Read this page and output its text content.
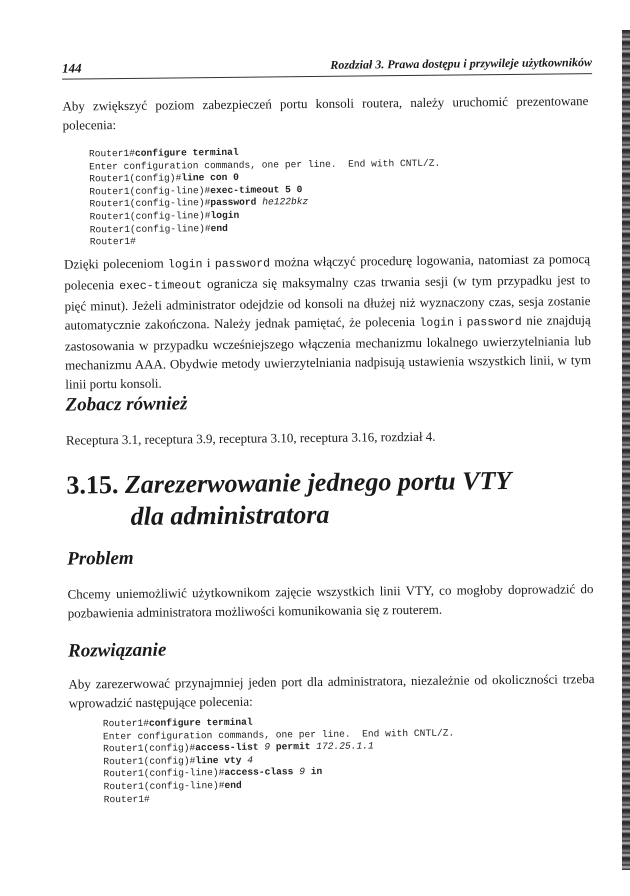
144	Rozdział 3. Prawa dostępu i przywileje użytkowników
Aby zwiększyć poziom zabezpieczeń portu konsoli routera, należy uruchomić prezentowane polecenia:
Router1#configure terminal
Enter configuration commands, one per line.  End with CNTL/Z.
Router1(config)#line con 0
Router1(config-line)#exec-timeout 5 0
Router1(config-line)#password he122bkz
Router1(config-line)#login
Router1(config-line)#end
Router1#
Dzięki poleceniom login i password można włączyć procedurę logowania, natomiast za pomocą polecenia exec-timeout ogranicza się maksymalny czas trwania sesji (w tym przypadku jest to pięć minut). Jeżeli administrator odejdzie od konsoli na dłużej niż wyznaczony czas, sesja zostanie automatycznie zakończona. Należy jednak pamiętać, że polecenia login i password nie znajdują zastosowania w przypadku wcześniejszego włączenia mechanizmu lokalnego uwierzytelniania lub mechanizmu AAA. Obydwie metody uwierzytelniania nadpisują ustawienia wszystkich linii, w tym linii portu konsoli.
Zobacz również
Receptura 3.1, receptura 3.9, receptura 3.10, receptura 3.16, rozdział 4.
3.15. Zarezerwowanie jednego portu VTY
dla administratora
Problem
Chcemy uniemożliwić użytkownikom zajęcie wszystkich linii VTY, co mogłoby doprowadzić do pozbawienia administratora możliwości komunikowania się z routerem.
Rozwiązanie
Aby zarezerwować przynajmniej jeden port dla administratora, niezależnie od okoliczności trzeba wprowadzić następujące polecenia:
Router1#configure terminal
Enter configuration commands, one per line.  End with CNTL/Z.
Router1(config)#access-list 9 permit 172.25.1.1
Router1(config)#line vty 4
Router1(config-line)#access-class 9 in
Router1(config-line)#end
Router1#
